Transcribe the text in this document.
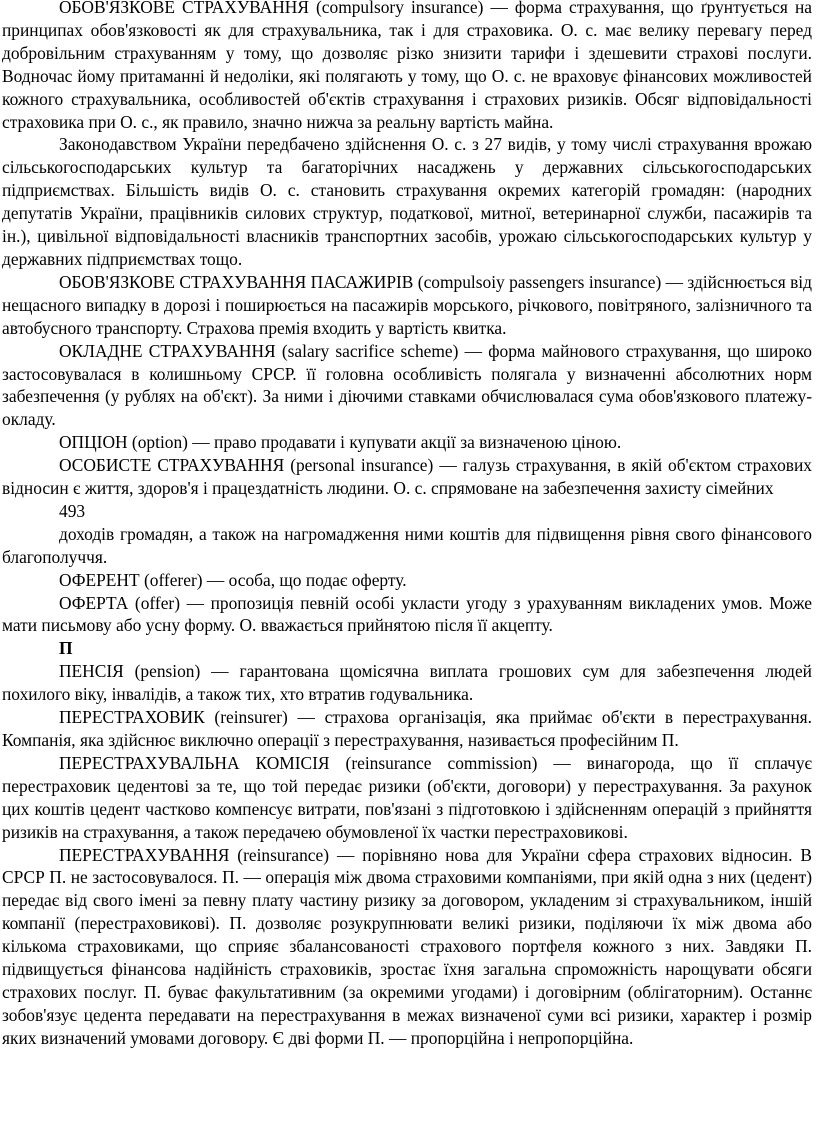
ОБОВ'ЯЗКОВЕ СТРАХУВАННЯ (compulsory insurance) — форма страхування, що ґрунтується на принципах обов'язковості як для страхувальника, так і для страховика. О. с. має велику перевагу перед добровільним страхуванням у тому, що дозволяє різко знизити тарифи і здешевити страхові послуги. Водночас йому притаманні й недоліки, які полягають у тому, що О. с. не враховує фінансових можливостей кожного страхувальника, особливостей об'єктів страхування і страхових ризиків. Обсяг відповідальності страховика при О. с., як правило, значно нижча за реальну вартість майна.

Законодавством України передбачено здійснення О. с. з 27 видів, у тому числі страхування врожаю сільськогосподарських культур та багаторічних насаджень у державних сільськогосподарських підприємствах. Більшість видів О. с. становить страхування окремих категорій громадян: (народних депутатів України, працівників силових структур, податкової, митної, ветеринарної служби, пасажирів та ін.), цивільної відповідальності власників транспортних засобів, урожаю сільськогосподарських культур у державних підприємствах тощо.

ОБОВ'ЯЗКОВЕ СТРАХУВАННЯ ПАСАЖИРІВ (compulsoiy passengers insurance) — здійснюється від нещасного випадку в дорозі і поширюється на пасажирів морського, річкового, повітряного, залізничного та автобусного транспорту. Страхова премія входить у вартість квитка.

ОКЛАДНЕ СТРАХУВАННЯ (salary sacrifice scheme) — форма майнового страхування, що широко застосовувалася в колишньому СРСР. її головна особливість полягала у визначенні абсолютних норм забезпечення (у рублях на об'єкт). За ними і діючими ставками обчислювалася сума обов'язкового платежу-окладу.

ОПЦІОН (option) — право продавати і купувати акції за визначеною ціною.

ОСОБИСТЕ СТРАХУВАННЯ (personal insurance) — галузь страхування, в якій об'єктом страхових відносин є життя, здоров'я і працездатність людини. О. с. спрямоване на забезпечення захисту сімейних

493

доходів громадян, а також на нагромадження ними коштів для підвищення рівня свого фінансового благополуччя.

ОФЕРЕНТ (offerer) — особа, що подає оферту.

ОФЕРТА (offer) — пропозиція певній особі укласти угоду з урахуванням викладених умов. Може мати письмову або усну форму. О. вважається прийнятою після її акцепту.

П

ПЕНСІЯ (pension) — гарантована щомісячна виплата грошових сум для забезпечення людей похилого віку, інвалідів, а також тих, хто втратив годувальника.

ПЕРЕСТРАХОВИК (reinsurer) — страхова організація, яка приймає об'єкти в перестрахування. Компанія, яка здійснює виключно операції з перестрахування, називається професійним П.

ПЕРЕСТРАХУВАЛЬНА КОМІСІЯ (reinsurance commission) — винагорода, що її сплачує перестраховик цедентові за те, що той передає ризики (об'єкти, договори) у перестрахування. За рахунок цих коштів цедент частково компенсує витрати, пов'язані з підготовкою і здійсненням операцій з прийняття ризиків на страхування, а також передачею обумовленої їх частки перестраховикові.

ПЕРЕСТРАХУВАННЯ (reinsurance) — порівняно нова для України сфера страхових відносин. В СРСР П. не застосовувалося. П. — операція між двома страховими компаніями, при якій одна з них (цедент) передає від свого імені за певну плату частину ризику за договором, укладеним зі страхувальником, іншій компанії (перестраховикові). П. дозволяє розукрупнювати великі ризики, поділяючи їх між двома або кількома страховиками, що сприяє збалансованості страхового портфеля кожного з них. Завдяки П. підвищується фінансова надійність страховиків, зростає їхня загальна спроможність нарощувати обсяги страхових послуг. П. буває факультативним (за окремими угодами) і договірним (облігаторним). Останнє зобов'язує цедента передавати на перестрахування в межах визначеної суми всі ризики, характер і розмір яких визначений умовами договору. Є дві форми П. — пропорційна і непропорційна.
